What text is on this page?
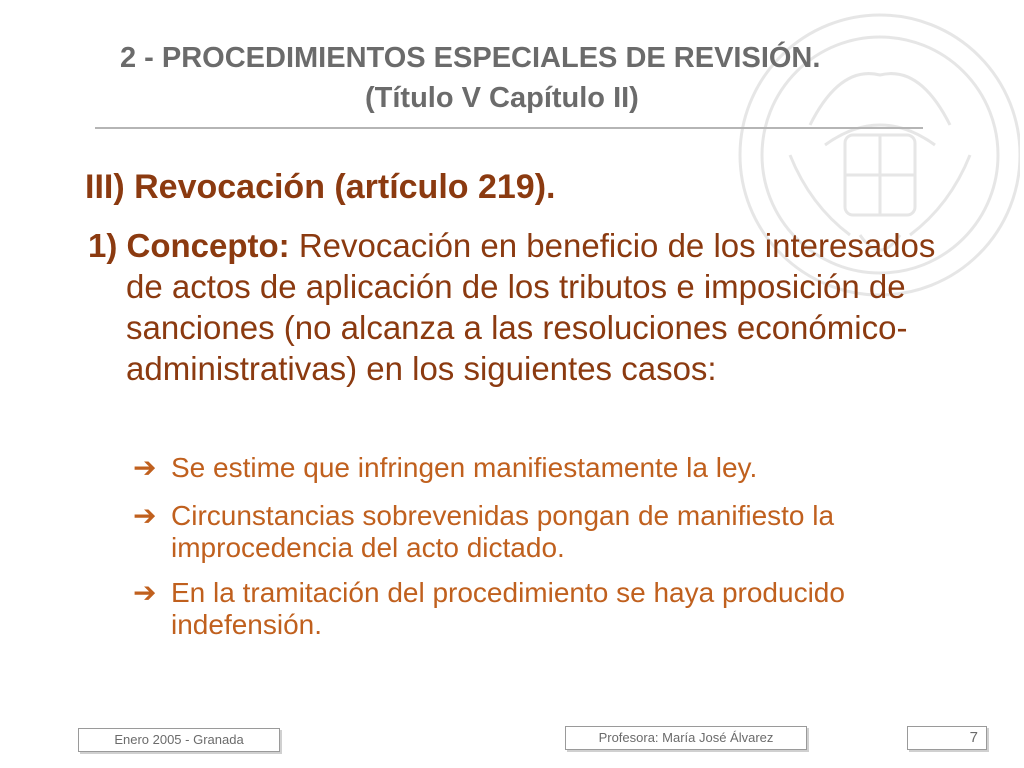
2 - PROCEDIMIENTOS ESPECIALES DE REVISIÓN.
(Título V Capítulo II)
III) Revocación (artículo 219).
1) Concepto: Revocación en beneficio de los interesados de actos de aplicación de los tributos e imposición de sanciones (no alcanza a las resoluciones económico-administrativas) en los siguientes casos:
➔ Se estime que infringen manifiestamente la ley.
➔ Circunstancias sobrevenidas pongan de manifiesto la improcedencia del acto dictado.
➔ En la tramitación del procedimiento se haya producido indefensión.
Enero 2005 - Granada	Profesora: María José Álvarez	7
